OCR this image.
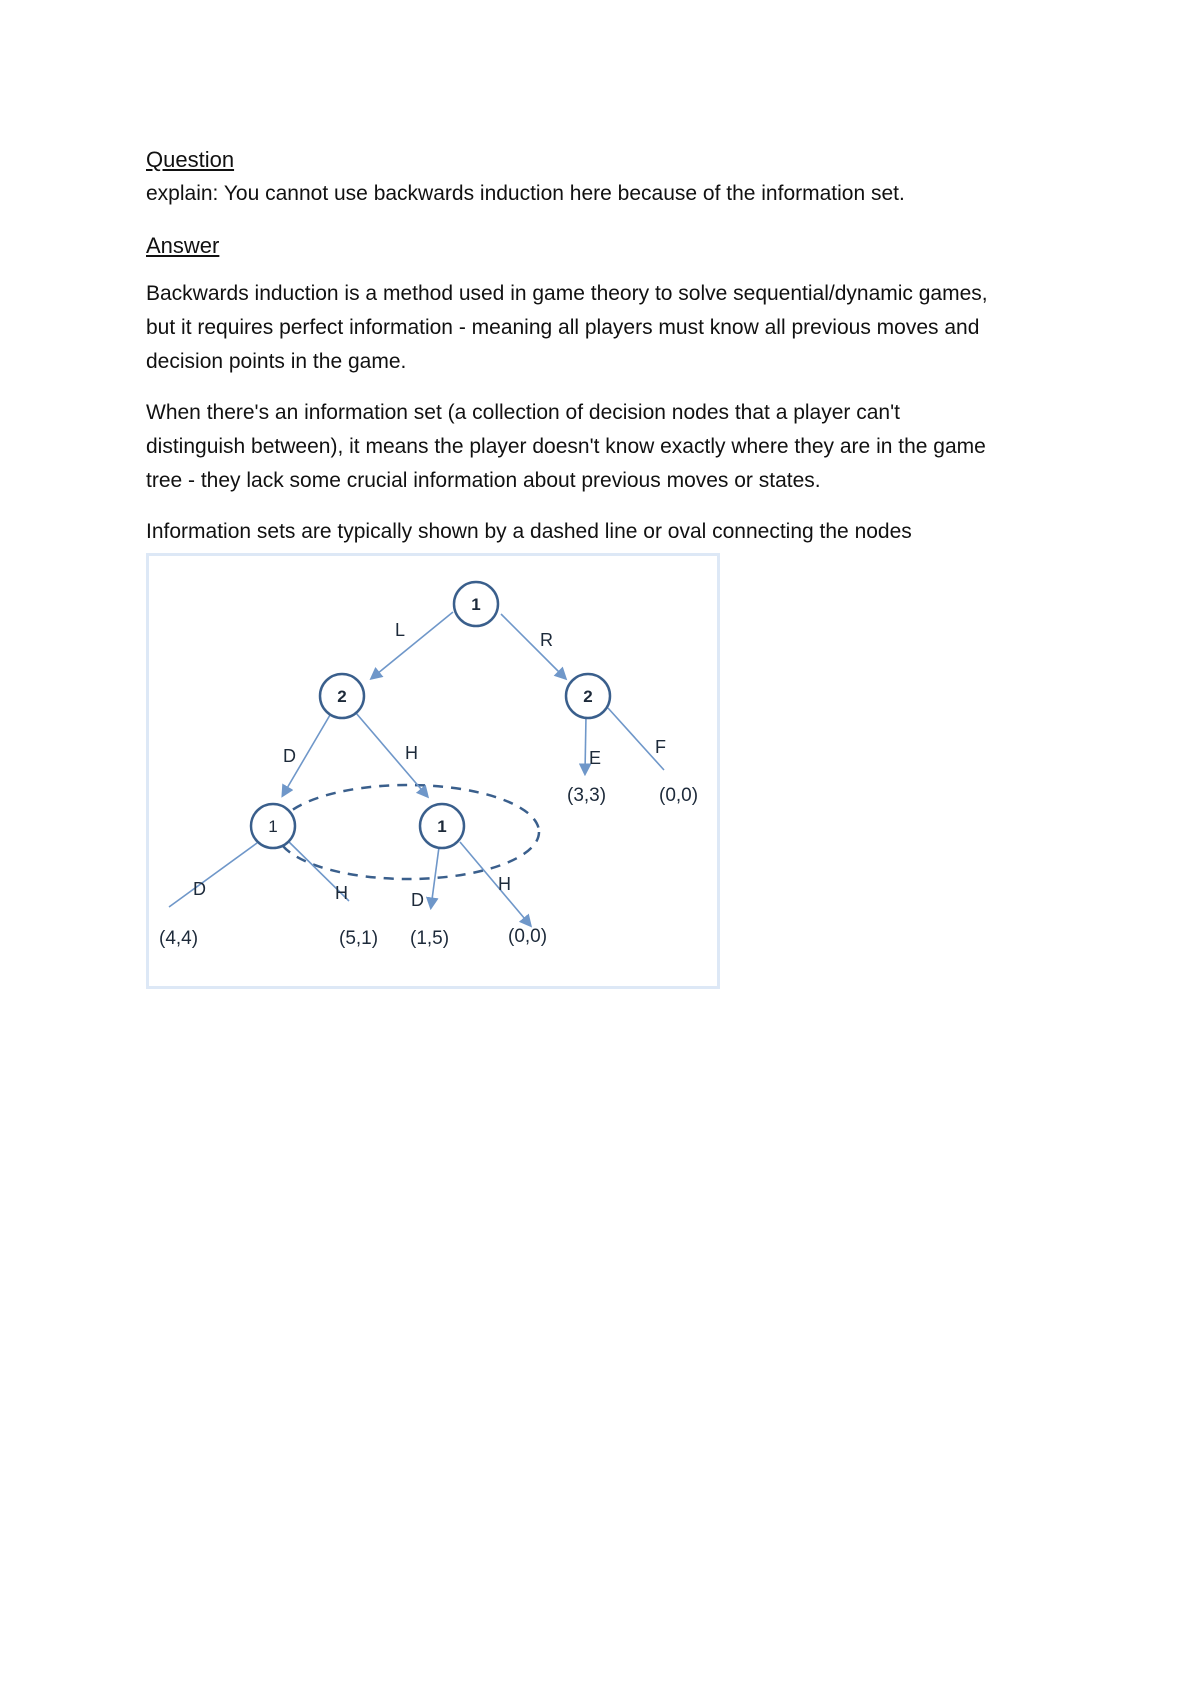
Question
explain: You cannot use backwards induction here because of the information set.
Answer
Backwards induction is a method used in game theory to solve sequential/dynamic games,
but it requires perfect information - meaning all players must know all previous moves and
decision points in the game.
When there's an information set (a collection of decision nodes that a player can't
distinguish between), it means the player doesn't know exactly where they are in the game
tree - they lack some crucial information about previous moves or states.
Information sets are typically shown by a dashed line or oval connecting the nodes
1
2	2
1	1
L	R
D	H	E
F
D	H	D
H
(3,3)	(0,0)
(4,4)	(5,1) (1,5)	(0,0)
